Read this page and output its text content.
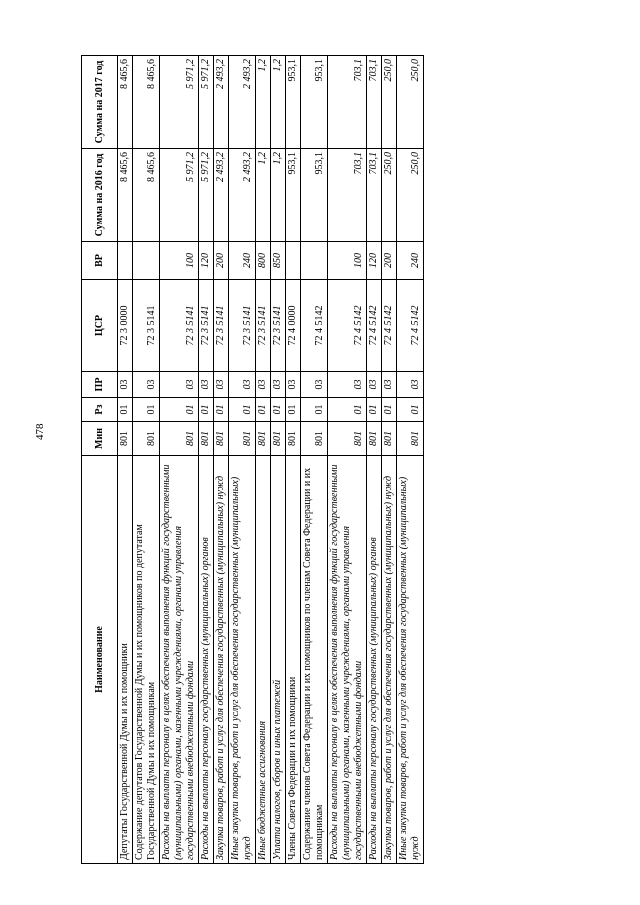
478
Наименование	Мин	Рз	ПР	ЦСР	ВР	Сумма на 2016 год	Сумма на 2017 год
Депутаты Государственной Думы и их помощники	801	01	03	72 3 0000		8 465,6	8 465,6
Содержание депутатов Государственной Думы и их помощников по депутатам Государственной Думы и их помощникам	801	01	03	72 3 5141		8 465,6	8 465,6
Расходы на выплаты персоналу в целях обеспечения выполнения функций государственными (муниципальными) органами, казенными учреждениями, органами управления государственными внебюджетными фондами	801	01	03	72 3 5141	100	5 971,2	5 971,2
Расходы на выплаты персоналу государственных (муниципальных) органов	801	01	03	72 3 5141	120	5 971,2	5 971,2
Закупка товаров, работ и услуг для обеспечения государственных (муниципальных) нужд	801	01	03	72 3 5141	200	2 493,2	2 493,2
Иные закупки товаров, работ и услуг для обеспечения государственных (муниципальных) нужд	801	01	03	72 3 5141	240	2 493,2	2 493,2
Иные бюджетные ассигнования	801	01	03	72 3 5141	800	1,2	1,2
Уплата налогов, сборов и иных платежей	801	01	03	72 3 5141	850	1,2	1,2
Члены Совета Федерации и их помощники	801	01	03	72 4 0000		953,1	953,1
Содержание членов Совета Федерации и их помощников по членам Совета Федерации и их помощникам	801	01	03	72 4 5142		953,1	953,1
Расходы на выплаты персоналу в целях обеспечения выполнения функций государственными (муниципальными) органами, казенными учреждениями, органами управления государственными внебюджетными фондами	801	01	03	72 4 5142	100	703,1	703,1
Расходы на выплаты персоналу государственных (муниципальных) органов	801	01	03	72 4 5142	120	703,1	703,1
Закупка товаров, работ и услуг для обеспечения государственных (муниципальных) нужд	801	01	03	72 4 5142	200	250,0	250,0
Иные закупки товаров, работ и услуг для обеспечения государственных (муниципальных) нужд	801	01	03	72 4 5142	240	250,0	250,0
